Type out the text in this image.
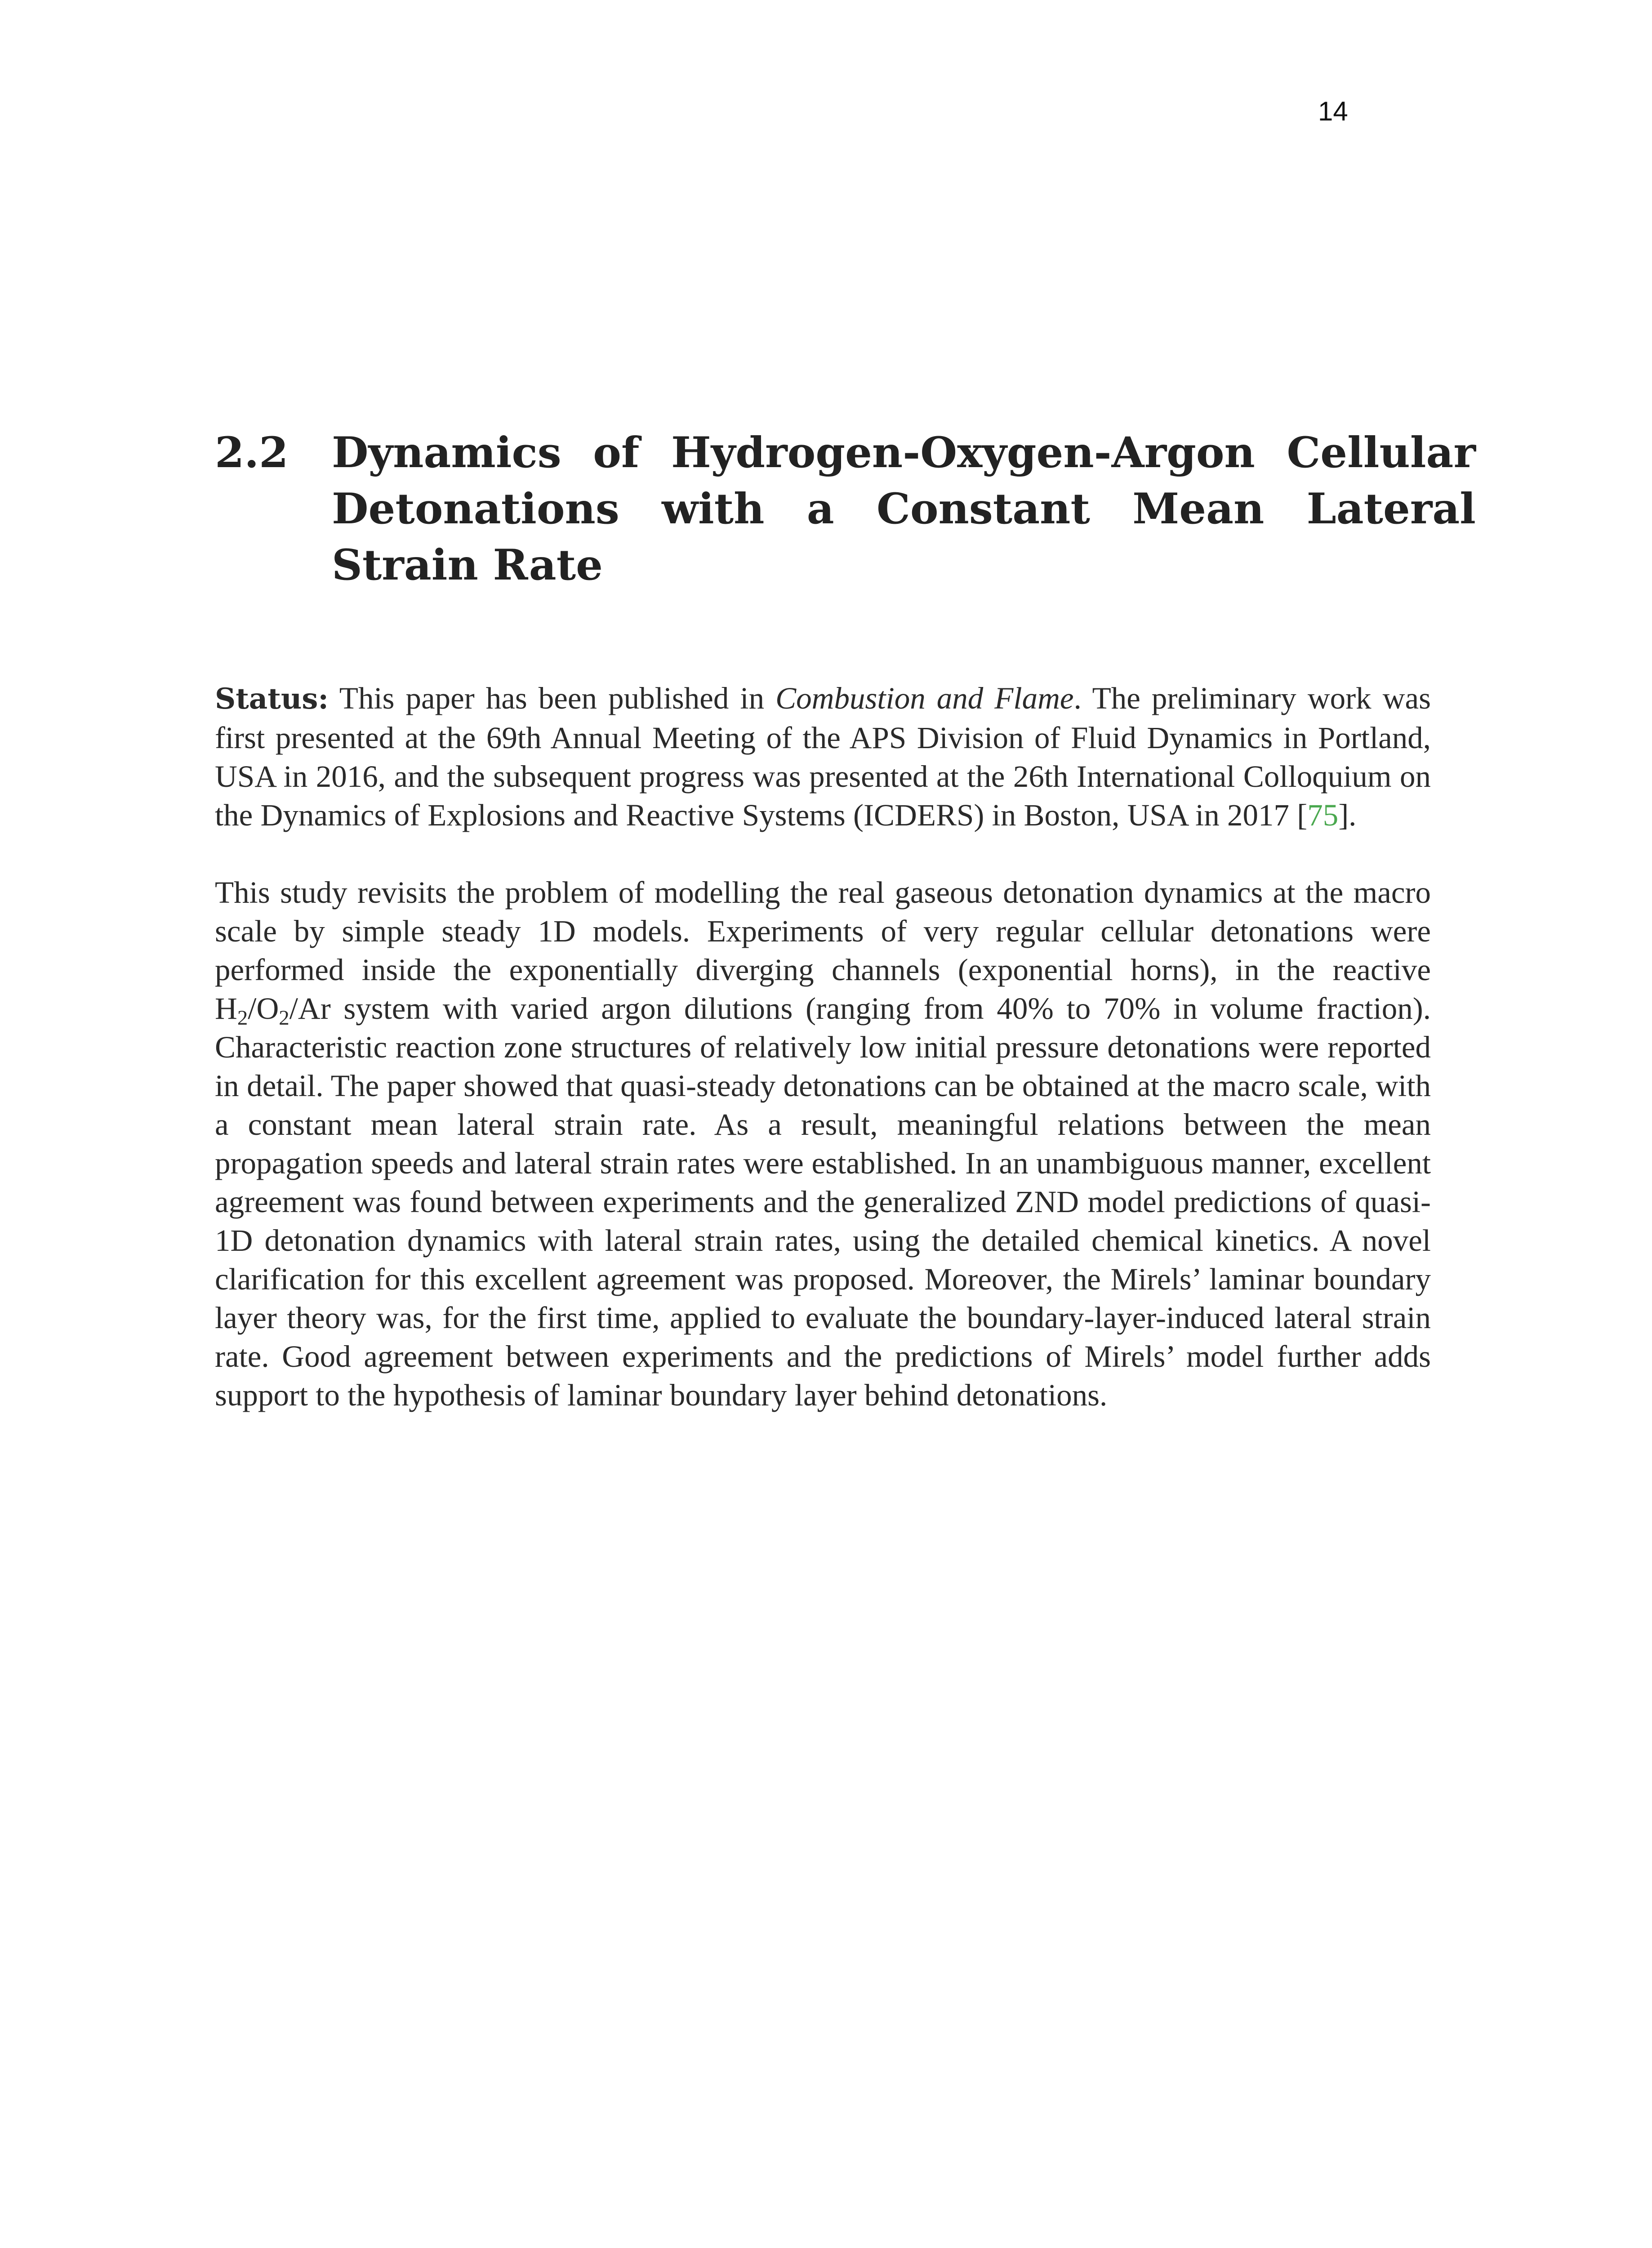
14
2.2 Dynamics of Hydrogen-Oxygen-Argon Cellular Detonations with a Constant Mean Lateral Strain Rate

Status: This paper has been published in Combustion and Flame. The preliminary work was first presented at the 69th Annual Meeting of the APS Division of Fluid Dynamics in Portland, USA in 2016, and the subsequent progress was presented at the 26th International Colloquium on the Dynamics of Explosions and Reactive Systems (ICDERS) in Boston, USA in 2017 [75].

This study revisits the problem of modelling the real gaseous detonation dynamics at the macro scale by simple steady 1D models. Experiments of very regular cellular detonations were performed inside the exponentially diverging channels (exponential horns), in the reactive $H_2/O_2/Ar$ system with varied argon dilutions (ranging from 40% to 70% in volume fraction). Characteristic reaction zone structures of relatively low initial pressure detonations were reported in detail. The paper showed that quasi-steady detonations can be obtained at the macro scale, with a constant mean lateral strain rate. As a result, meaningful relations between the mean propagation speeds and lateral strain rates were established. In an unambiguous manner, excellent agreement was found between experiments and the generalized ZND model predictions of quasi-1D detonation dynamics with lateral strain rates, using the detailed chemical kinetics. A novel clarification for this excellent agreement was proposed. Moreover, the Mirels’ laminar boundary layer theory was, for the first time, applied to evaluate the boundary-layer-induced lateral strain rate. Good agreement between experiments and the predictions of Mirels’ model further adds support to the hypothesis of laminar boundary layer behind detonations.
